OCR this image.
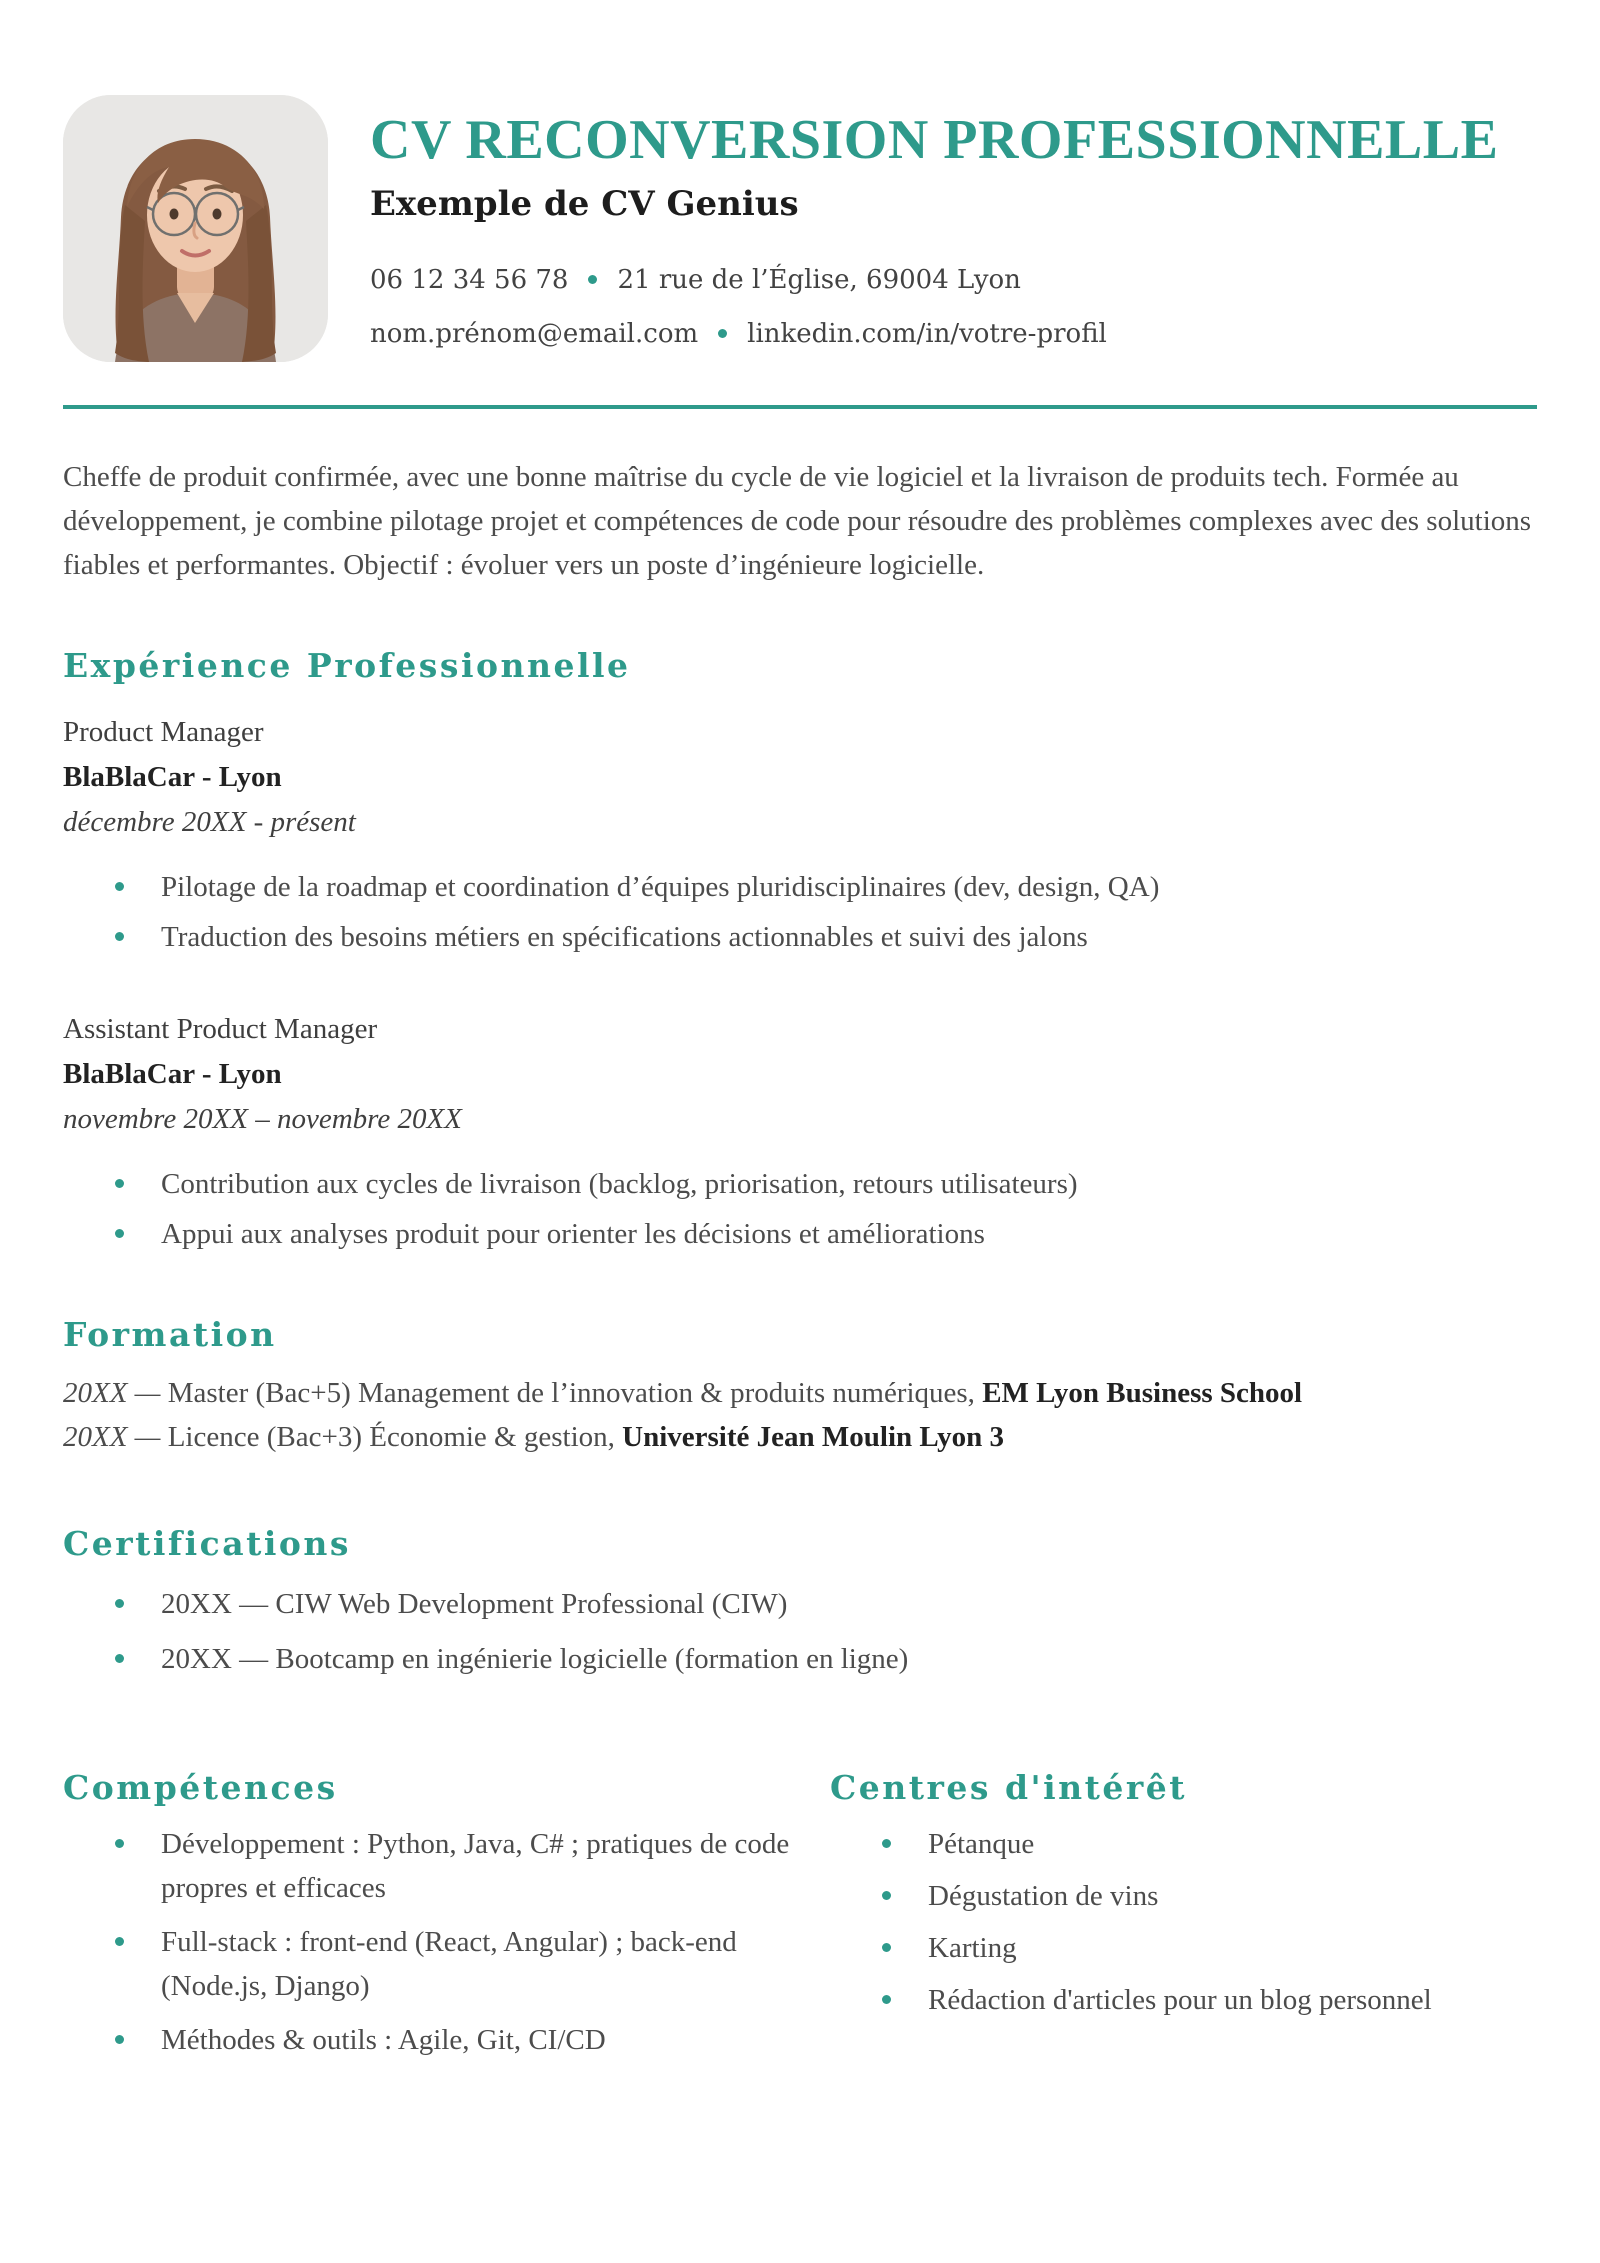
CV RECONVERSION PROFESSIONNELLE
Exemple de CV Genius
06 12 34 56 78 21 rue de l’Église, 69004 Lyon
nom.prénom@email.com linkedin.com/in/votre-profil

Cheffe de produit confirmée, avec une bonne maîtrise du cycle de vie logiciel et la livraison de produits tech. Formée au développement, je combine pilotage projet et compétences de code pour résoudre des problèmes complexes avec des solutions fiables et performantes. Objectif : évoluer vers un poste d’ingénieure logicielle.

Expérience Professionnelle
Product Manager
BlaBlaCar - Lyon
décembre 20XX - présent
Pilotage de la roadmap et coordination d’équipes pluridisciplinaires (dev, design, QA)
Traduction des besoins métiers en spécifications actionnables et suivi des jalons
Assistant Product Manager
BlaBlaCar - Lyon
novembre 20XX – novembre 20XX
Contribution aux cycles de livraison (backlog, priorisation, retours utilisateurs)
Appui aux analyses produit pour orienter les décisions et améliorations
Formation
20XX — Master (Bac+5) Management de l’innovation & produits numériques, EM Lyon Business School
20XX — Licence (Bac+3) Économie & gestion, Université Jean Moulin Lyon 3
Certifications
20XX — CIW Web Development Professional (CIW)
20XX — Bootcamp en ingénierie logicielle (formation en ligne)
Compétences
Développement : Python, Java, C# ; pratiques de code propres et efficaces
Full-stack : front-end (React, Angular) ; back-end (Node.js, Django)
Méthodes & outils : Agile, Git, CI/CD
Centres d'intérêt
Pétanque
Dégustation de vins
Karting
Rédaction d'articles pour un blog personnel
